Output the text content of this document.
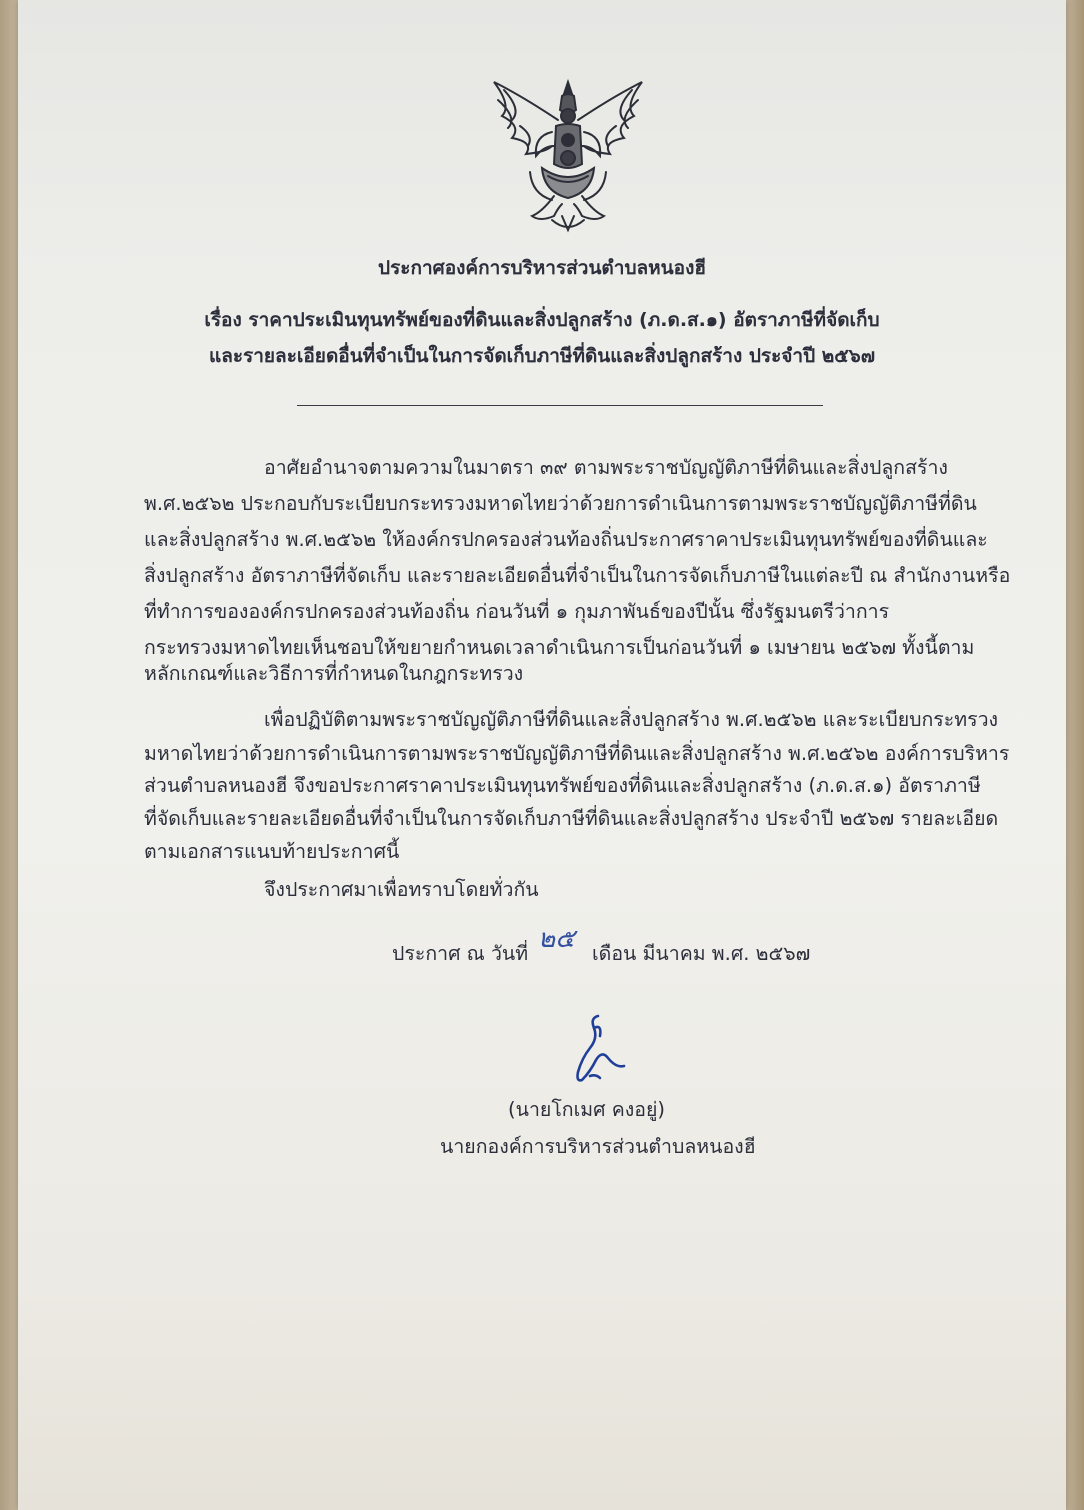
ประกาศองค์การบริหารส่วนตำบลหนองฮี
เรื่อง ราคาประเมินทุนทรัพย์ของที่ดินและสิ่งปลูกสร้าง (ภ.ด.ส.๑) อัตราภาษีที่จัดเก็บ
และรายละเอียดอื่นที่จำเป็นในการจัดเก็บภาษีที่ดินและสิ่งปลูกสร้าง ประจำปี ๒๕๖๗
อาศัยอำนาจตามความในมาตรา ๓๙ ตามพระราชบัญญัติภาษีที่ดินและสิ่งปลูกสร้าง
พ.ศ.๒๕๖๒ ประกอบกับระเบียบกระทรวงมหาดไทยว่าด้วยการดำเนินการตามพระราชบัญญัติภาษีที่ดิน
และสิ่งปลูกสร้าง พ.ศ.๒๕๖๒ ให้องค์กรปกครองส่วนท้องถิ่นประกาศราคาประเมินทุนทรัพย์ของที่ดินและ
สิ่งปลูกสร้าง อัตราภาษีที่จัดเก็บ และรายละเอียดอื่นที่จำเป็นในการจัดเก็บภาษีในแต่ละปี ณ สำนักงานหรือ
ที่ทำการขององค์กรปกครองส่วนท้องถิ่น ก่อนวันที่ ๑ กุมภาพันธ์ของปีนั้น ซึ่งรัฐมนตรีว่าการ
กระทรวงมหาดไทยเห็นชอบให้ขยายกำหนดเวลาดำเนินการเป็นก่อนวันที่ ๑ เมษายน ๒๕๖๗ ทั้งนี้ตาม
หลักเกณฑ์และวิธีการที่กำหนดในกฎกระทรวง
เพื่อปฏิบัติตามพระราชบัญญัติภาษีที่ดินและสิ่งปลูกสร้าง พ.ศ.๒๕๖๒ และระเบียบกระทรวง
มหาดไทยว่าด้วยการดำเนินการตามพระราชบัญญัติภาษีที่ดินและสิ่งปลูกสร้าง พ.ศ.๒๕๖๒ องค์การบริหาร
ส่วนตำบลหนองฮี จึงขอประกาศราคาประเมินทุนทรัพย์ของที่ดินและสิ่งปลูกสร้าง (ภ.ด.ส.๑) อัตราภาษี
ที่จัดเก็บและรายละเอียดอื่นที่จำเป็นในการจัดเก็บภาษีที่ดินและสิ่งปลูกสร้าง ประจำปี ๒๕๖๗ รายละเอียด
ตามเอกสารแนบท้ายประกาศนี้
จึงประกาศมาเพื่อทราบโดยทั่วกัน
ประกาศ ณ วันที่ ๒๕ เดือน มีนาคม พ.ศ. ๒๕๖๗
(นายโกเมศ คงอยู่)
นายกองค์การบริหารส่วนตำบลหนองฮี
